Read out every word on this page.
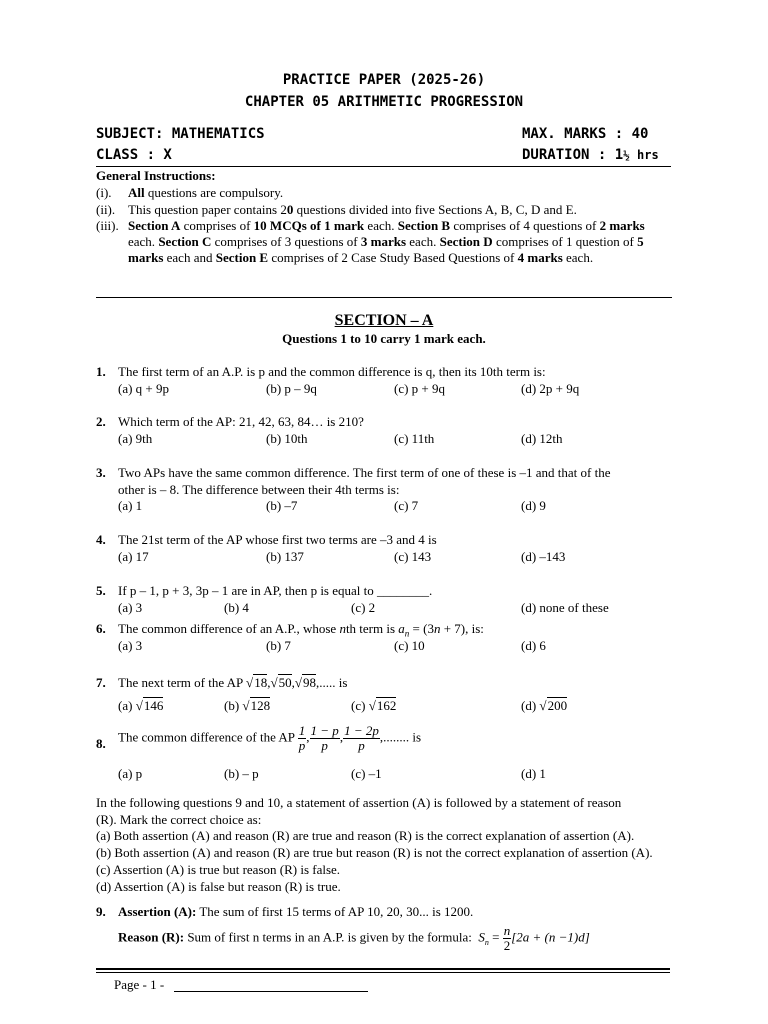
PRACTICE PAPER (2025-26)
CHAPTER 05 ARITHMETIC PROGRESSION
SUBJECT: MATHEMATICS	MAX. MARKS : 40
CLASS : X	DURATION : 1½ hrs
General Instructions:
(i). All questions are compulsory.
(ii). This question paper contains 20 questions divided into five Sections A, B, C, D and E.
(iii). Section A comprises of 10 MCQs of 1 mark each. Section B comprises of 4 questions of 2 marks
each. Section C comprises of 3 questions of 3 marks each. Section D comprises of 1 question of 5
marks each and Section E comprises of 2 Case Study Based Questions of 4 marks each.
SECTION – A
Questions 1 to 10 carry 1 mark each.
1. The first term of an A.P. is p and the common difference is q, then its 10th term is:
(a) q + 9p	(b) p – 9q	(c) p + 9q	(d) 2p + 9q
2. Which term of the AP: 21, 42, 63, 84… is 210?
(a) 9th	(b) 10th	(c) 11th	(d) 12th
3. Two APs have the same common difference. The first term of one of these is –1 and that of the
other is – 8. The difference between their 4th terms is:
(a) 1	(b) –7	(c) 7	(d) 9
4. The 21st term of the AP whose first two terms are –3 and 4 is
(a) 17	(b) 137	(c) 143	(d) –143
5. If p – 1, p + 3, 3p – 1 are in AP, then p is equal to ________.
(a) 3	(b) 4	(c) 2	(d) none of these
6. The common difference of an A.P., whose nth term is $a_n = (3n + 7)$, is:
(a) 3	(b) 7	(c) 10	(d) 6
7. The next term of the AP √18,√50,√98,..... is
(a) √146	(b) √128	(c) √162	(d) √200
8. The common difference of the AP $\frac{1}{p}$ , $\frac{1 - p}{p}$ , $\frac{1 - 2p}{p}$ ,........ is
(a) p	(b) – p	(c) –1	(d) 1
In the following questions 9 and 10, a statement of assertion (A) is followed by a statement of reason
(R). Mark the correct choice as:
(a) Both assertion (A) and reason (R) are true and reason (R) is the correct explanation of assertion (A).
(b) Both assertion (A) and reason (R) are true but reason (R) is not the correct explanation of assertion (A).
(c) Assertion (A) is true but reason (R) is false.
(d) Assertion (A) is false but reason (R) is true.
9. Assertion (A): The sum of first 15 terms of AP 10, 20, 30... is 1200.
Reason (R): Sum of first n terms in an A.P. is given by the formula: $S_n = \frac{n}{2} [2a + (n -1)d]$
Page - 1 -
